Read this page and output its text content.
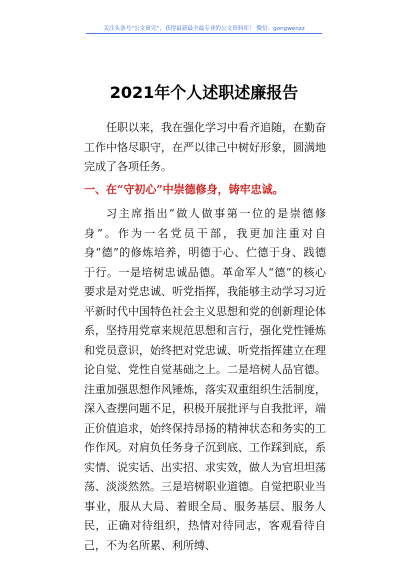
关注头条号“公文研究”，获得最新最全最专业的公文资料库！ 微信：gongwenzz
2021年个人述职述廉报告

任职以来，我在强化学习中看齐追随，在勤奋工作中恪尽职守，在严以律己中树好形象，圆满地完成了各项任务。

一、在“守初心”中崇德修身，铸牢忠诚。

习主席指出“做人做事第一位的是崇德修身”。作为一名党员干部，我更加注重对自身“德”的修炼培养，明德于心、伫德于身、践德于行。一是培树忠诚品德。革命军人“德”的核心要求是对党忠诚、听党指挥，我能够主动学习习近平新时代中国特色社会主义思想和党的创新理论体系，坚持用党章来规范思想和言行，强化党性锤炼和党员意识，始终把对党忠诚、听党指挥建立在理论自觉、党性自觉基础之上。二是培树人品官德。注重加强思想作风锤炼，落实双重组织生活制度，深入查摆问题不足，积极开展批评与自我批评，端正价值追求，始终保持昂扬的精神状态和务实的工作作风。对肩负任务身子沉到底、工作踩到底，系实情、说实话、出实招、求实效，做人为官坦坦荡荡、淡淡然然。三是培树职业道德。自觉把职业当事业，服从大局、着眼全局、服务基层、服务人民，正确对待组织，热情对待同志，客观看待自己，不为名所累、利所缚、
